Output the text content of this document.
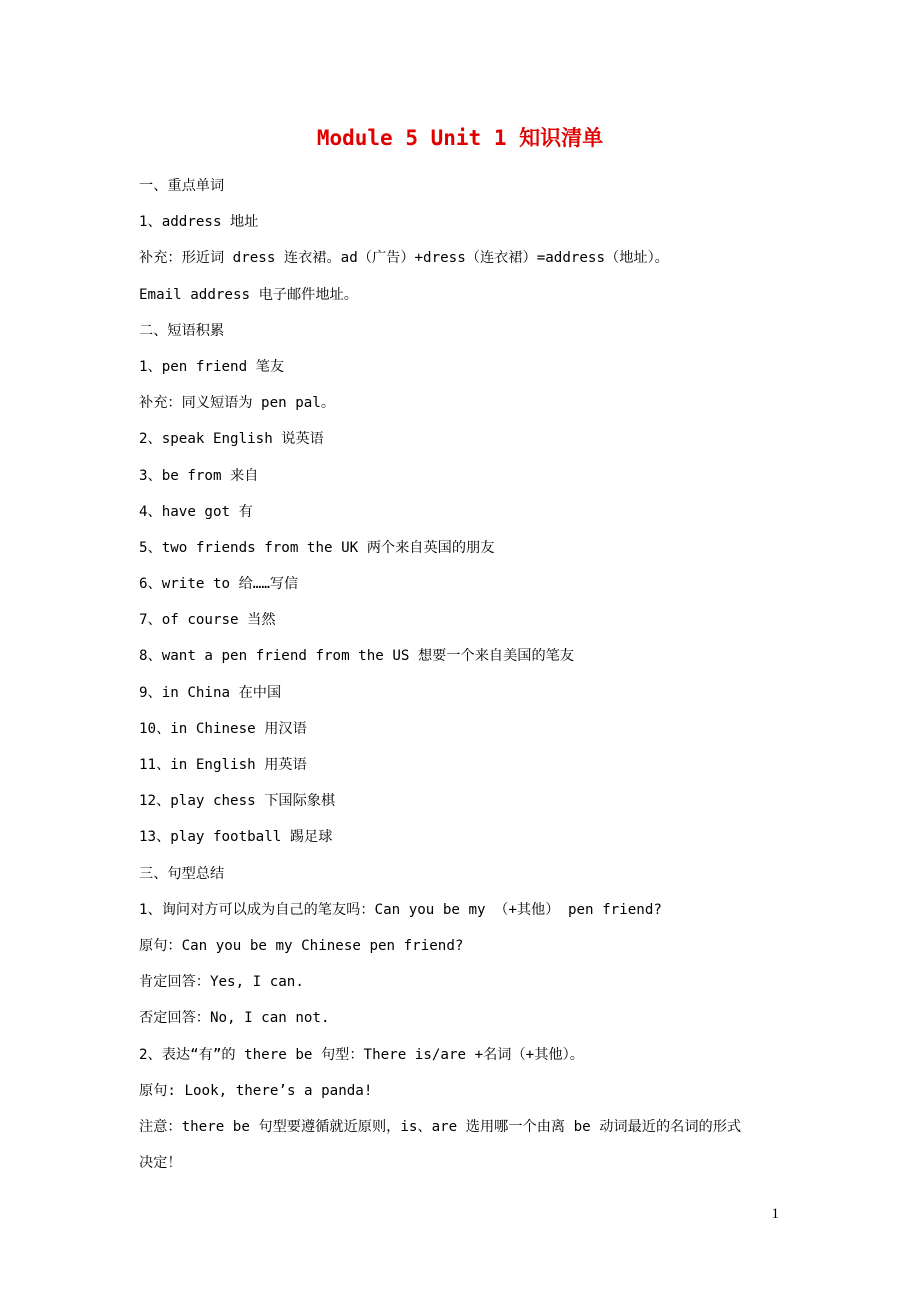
Module 5 Unit 1 知识清单
一、重点单词
1、address 地址
补充：形近词 dress 连衣裙。ad（广告）+dress（连衣裙）=address（地址）。
Email address 电子邮件地址。
二、短语积累
1、pen friend 笔友
补充：同义短语为 pen pal。
2、speak English 说英语
3、be from 来自
4、have got 有
5、two friends from the UK 两个来自英国的朋友
6、write to 给……写信
7、of course 当然
8、want a pen friend from the US 想要一个来自美国的笔友
9、in China 在中国
10、in Chinese 用汉语
11、in English 用英语
12、play chess 下国际象棋
13、play football 踢足球
三、句型总结
1、询问对方可以成为自己的笔友吗：Can you be my （+其他） pen friend?
原句：Can you be my Chinese pen friend?
肯定回答：Yes, I can.
否定回答：No, I can not.
2、表达“有”的 there be 句型：There is/are +名词（+其他）。
原句: Look, there’s a panda!
注意：there be 句型要遵循就近原则，is、are 选用哪一个由离 be 动词最近的名词的形式
决定！
1
